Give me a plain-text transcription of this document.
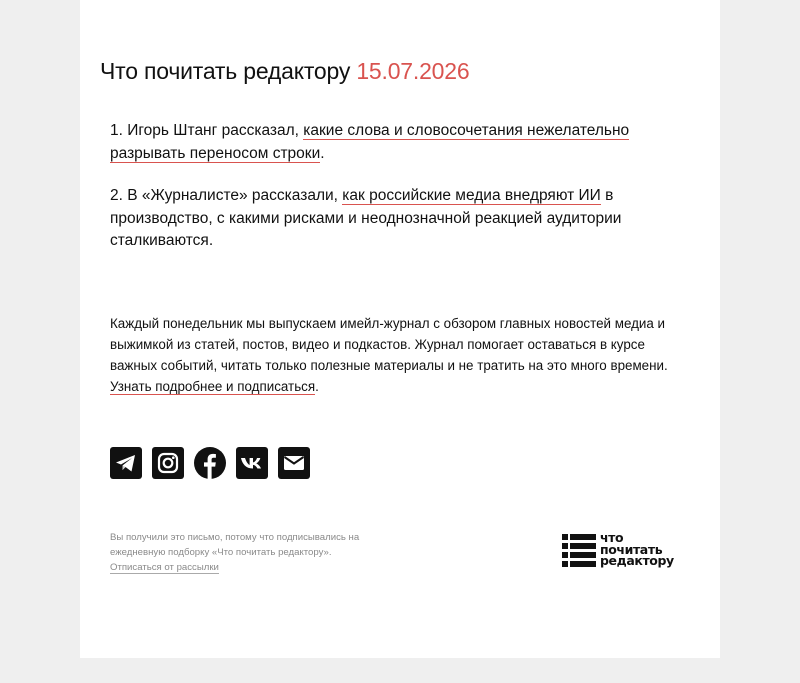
Что почитать редактору 15.07.2026

1. Игорь Штанг рассказал, какие слова и словосочетания нежелательно разрывать переносом строки.

2. В «Журналисте» рассказали, как российские медиа внедряют ИИ в производство, с какими рисками и неоднозначной реакцией аудитории сталкиваются.

Каждый понедельник мы выпускаем имейл-журнал с обзором главных новостей медиа и выжимкой из статей, постов, видео и подкастов. Журнал помогает оставаться в курсе важных событий, читать только полезные материалы и не тратить на это много времени. Узнать подробнее и подписаться.

Вы получили это письмо, потому что подписывались на ежедневную подборку «Что почитать редактору».
Отписаться от рассылки

что
почитать
редактору
